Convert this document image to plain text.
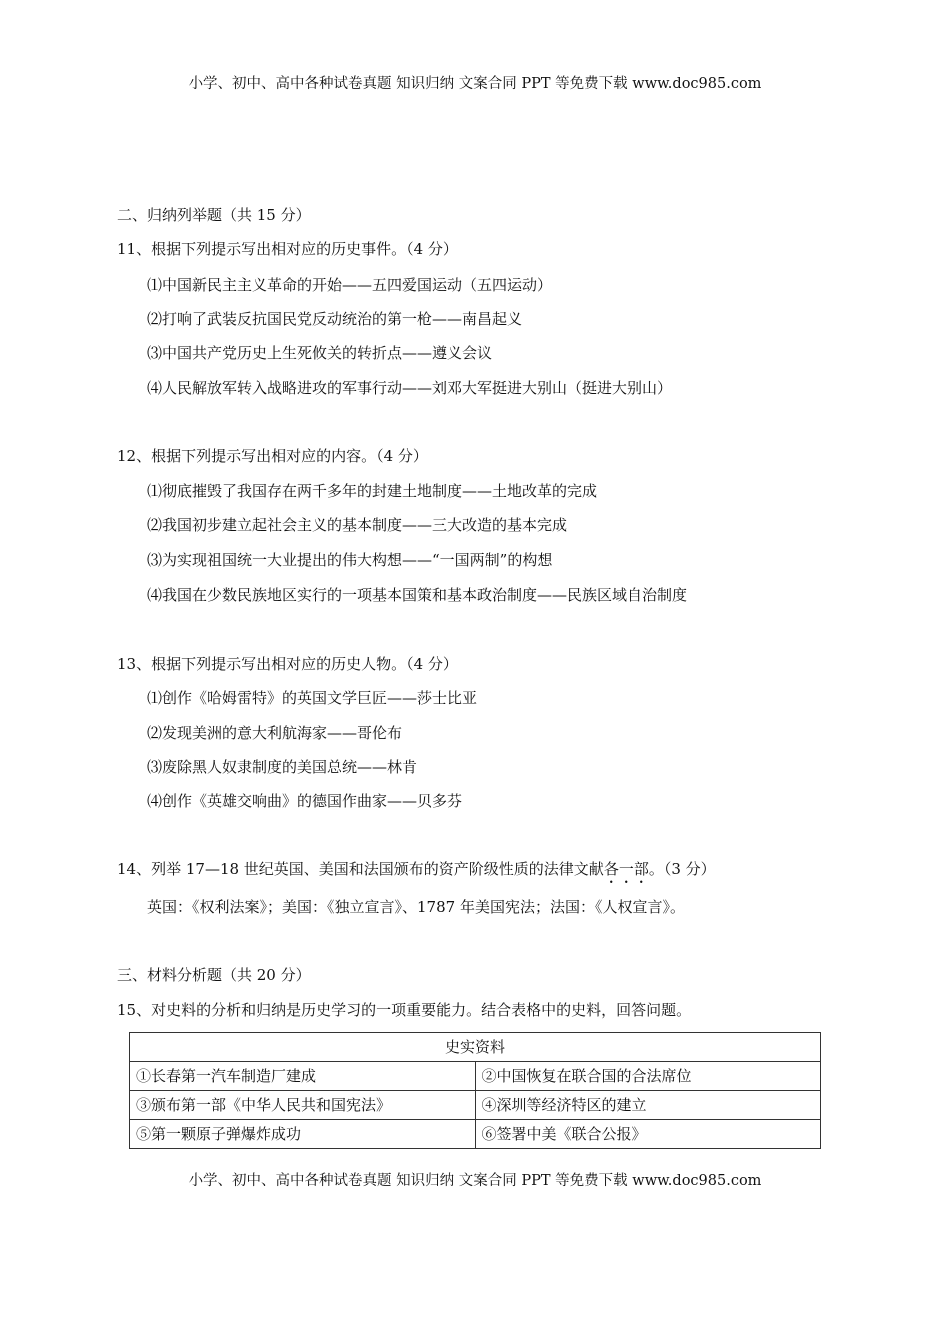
小学、初中、高中各种试卷真题 知识归纳 文案合同 PPT 等免费下载 www.doc985.com
二、归纳列举题（共 15 分）
11、根据下列提示写出相对应的历史事件。（4 分）
⑴中国新民主主义革命的开始——五四爱国运动（五四运动）
⑵打响了武装反抗国民党反动统治的第一枪——南昌起义
⑶中国共产党历史上生死攸关的转折点——遵义会议
⑷人民解放军转入战略进攻的军事行动——刘邓大军挺进大别山（挺进大别山）
12、根据下列提示写出相对应的内容。（4 分）
⑴彻底摧毁了我国存在两千多年的封建土地制度——土地改革的完成
⑵我国初步建立起社会主义的基本制度——三大改造的基本完成
⑶为实现祖国统一大业提出的伟大构想——“一国两制”的构想
⑷我国在少数民族地区实行的一项基本国策和基本政治制度——民族区域自治制度
13、根据下列提示写出相对应的历史人物。（4 分）
⑴创作《哈姆雷特》的英国文学巨匠——莎士比亚
⑵发现美洲的意大利航海家——哥伦布
⑶废除黑人奴隶制度的美国总统——林肯
⑷创作《英雄交响曲》的德国作曲家——贝多芬
14、列举 17—18 世纪英国、美国和法国颁布的资产阶级性质的法律文献各一部。（3 分）
英国：《权利法案》；美国：《独立宣言》、1787 年美国宪法；法国：《人权宣言》。
三、材料分析题（共 20 分）
15、对史料的分析和归纳是历史学习的一项重要能力。结合表格中的史料，回答问题。
史实资料	
①长春第一汽车制造厂建成	②中国恢复在联合国的合法席位
③颁布第一部《中华人民共和国宪法》	④深圳等经济特区的建立
⑤第一颗原子弹爆炸成功	⑥签署中美《联合公报》
小学、初中、高中各种试卷真题 知识归纳 文案合同 PPT 等免费下载 www.doc985.com
